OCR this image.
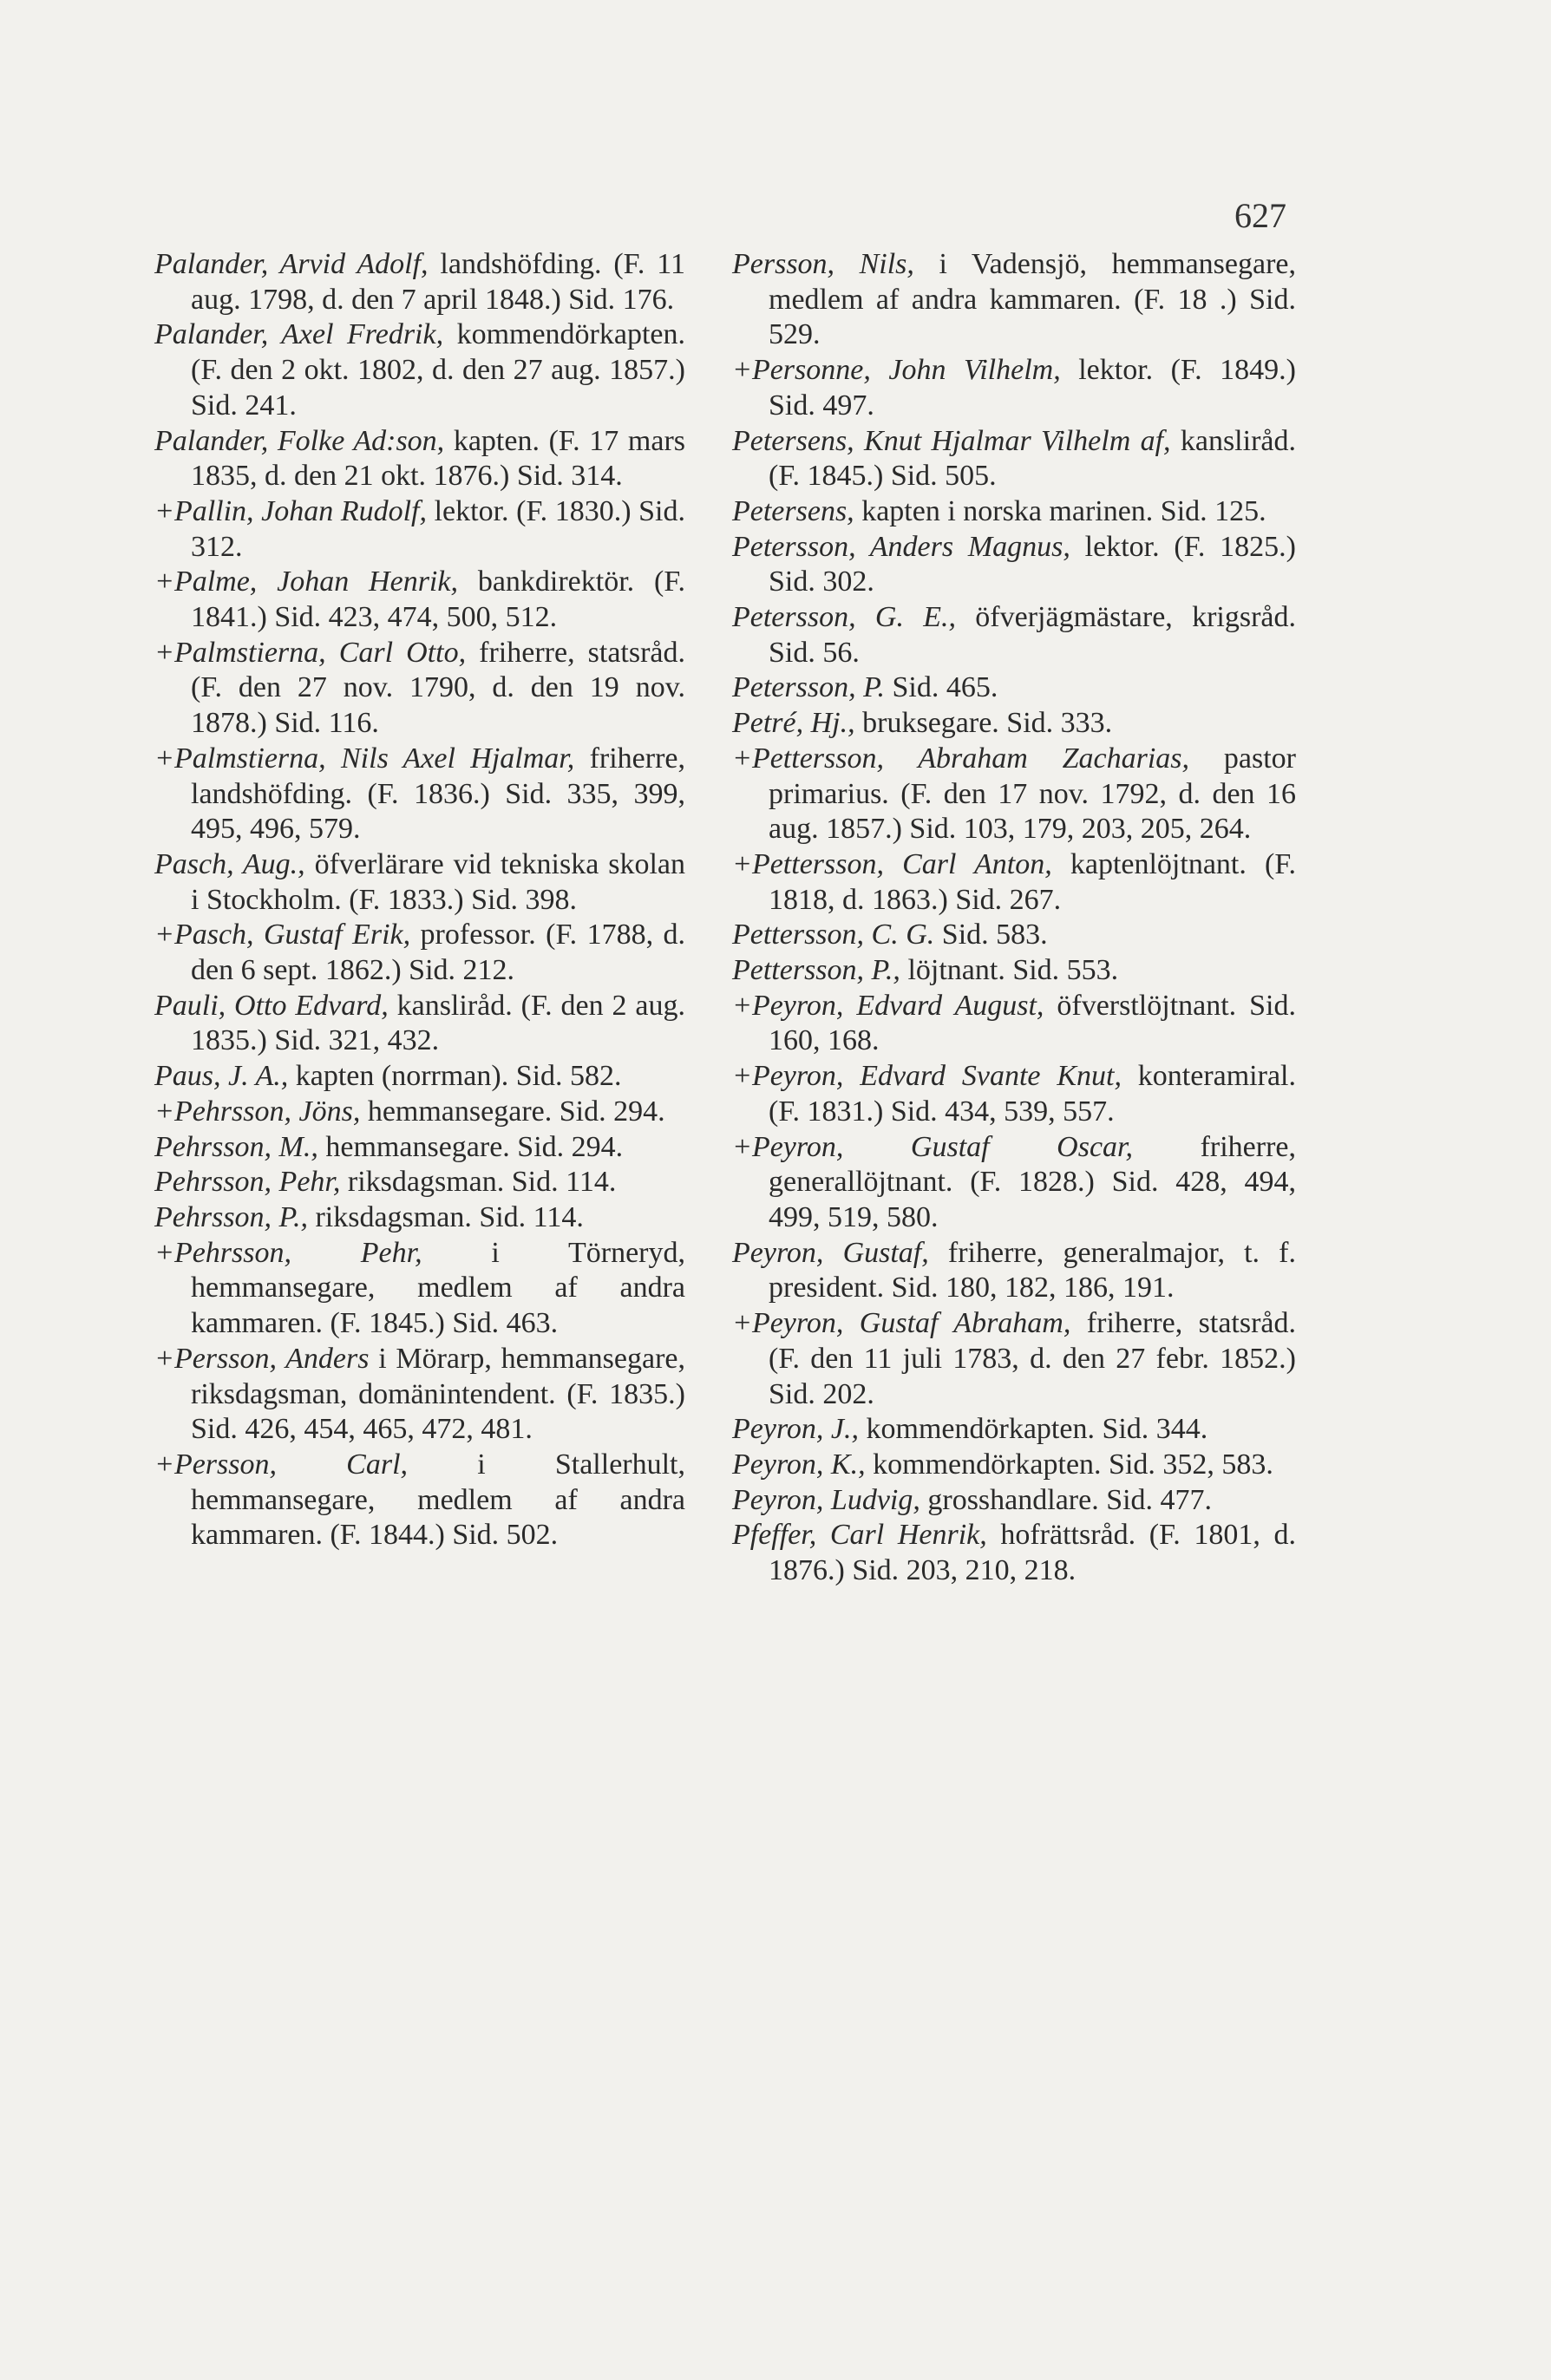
627
Palander, Arvid Adolf, landshöfding. (F. 11 aug. 1798, d. den 7 april 1848.) Sid. 176.
Palander, Axel Fredrik, kommendörkapten. (F. den 2 okt. 1802, d. den 27 aug. 1857.) Sid. 241.
Palander, Folke Ad:son, kapten. (F. 17 mars 1835, d. den 21 okt. 1876.) Sid. 314.
+Pallin, Johan Rudolf, lektor. (F. 1830.) Sid. 312.
+Palme, Johan Henrik, bankdirektör. (F. 1841.) Sid. 423, 474, 500, 512.
+Palmstierna, Carl Otto, friherre, statsråd. (F. den 27 nov. 1790, d. den 19 nov. 1878.) Sid. 116.
+Palmstierna, Nils Axel Hjalmar, friherre, landshöfding. (F. 1836.) Sid. 335, 399, 495, 496, 579.
Pasch, Aug., öfverlärare vid tekniska skolan i Stockholm. (F. 1833.) Sid. 398.
+Pasch, Gustaf Erik, professor. (F. 1788, d. den 6 sept. 1862.) Sid. 212.
Pauli, Otto Edvard, kansliråd. (F. den 2 aug. 1835.) Sid. 321, 432.
Paus, J. A., kapten (norrman). Sid. 582.
+Pehrsson, Jöns, hemmansegare. Sid. 294.
Pehrsson, M., hemmansegare. Sid. 294.
Pehrsson, Pehr, riksdagsman. Sid. 114.
Pehrsson, P., riksdagsman. Sid. 114.
+Pehrsson, Pehr, i Törneryd, hemmansegare, medlem af andra kammaren. (F. 1845.) Sid. 463.
+Persson, Anders i Mörarp, hemmansegare, riksdagsman, domänintendent. (F. 1835.) Sid. 426, 454, 465, 472, 481.
+Persson, Carl, i Stallerhult, hemmansegare, medlem af andra kammaren. (F. 1844.) Sid. 502.
Persson, Nils, i Vadensjö, hemmansegare, medlem af andra kammaren. (F. 18 .) Sid. 529.
+Personne, John Vilhelm, lektor. (F. 1849.) Sid. 497.
Petersens, Knut Hjalmar Vilhelm af, kansliråd. (F. 1845.) Sid. 505.
Petersens, kapten i norska marinen. Sid. 125.
Petersson, Anders Magnus, lektor. (F. 1825.) Sid. 302.
Petersson, G. E., öfverjägmästare, krigsråd. Sid. 56.
Petersson, P. Sid. 465.
Petré, Hj., bruksegare. Sid. 333.
+Pettersson, Abraham Zacharias, pastor primarius. (F. den 17 nov. 1792, d. den 16 aug. 1857.) Sid. 103, 179, 203, 205, 264.
+Pettersson, Carl Anton, kaptenlöjtnant. (F. 1818, d. 1863.) Sid. 267.
Pettersson, C. G. Sid. 583.
Pettersson, P., löjtnant. Sid. 553.
+Peyron, Edvard August, öfverstlöjtnant. Sid. 160, 168.
+Peyron, Edvard Svante Knut, konteramiral. (F. 1831.) Sid. 434, 539, 557.
+Peyron, Gustaf Oscar, friherre, generallöjtnant. (F. 1828.) Sid. 428, 494, 499, 519, 580.
Peyron, Gustaf, friherre, generalmajor, t. f. president. Sid. 180, 182, 186, 191.
+Peyron, Gustaf Abraham, friherre, statsråd. (F. den 11 juli 1783, d. den 27 febr. 1852.) Sid. 202.
Peyron, J., kommendörkapten. Sid. 344.
Peyron, K., kommendörkapten. Sid. 352, 583.
Peyron, Ludvig, grosshandlare. Sid. 477.
Pfeffer, Carl Henrik, hofrättsråd. (F. 1801, d. 1876.) Sid. 203, 210, 218.
